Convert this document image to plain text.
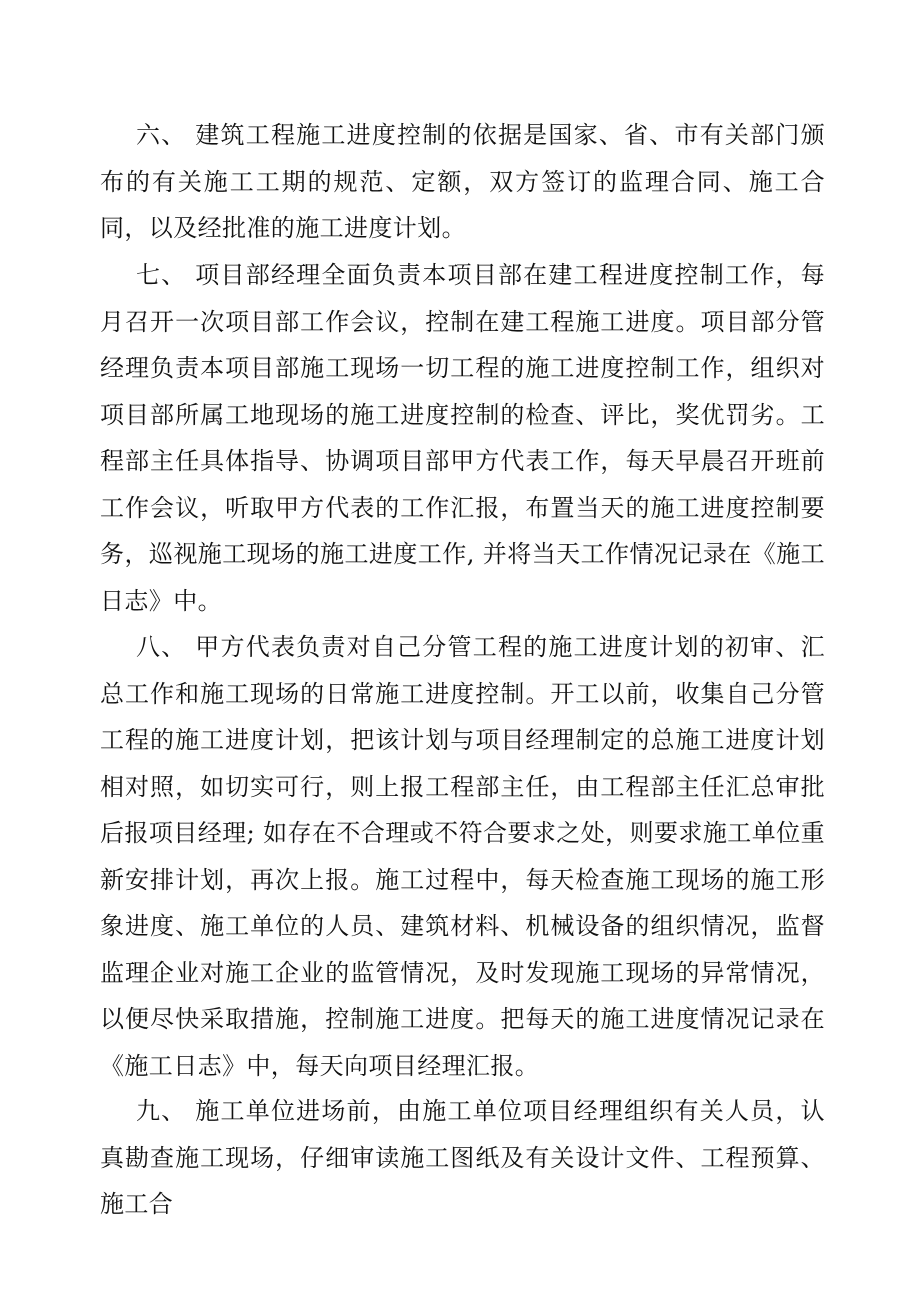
六、 建筑工程施工进度控制的依据是国家、省、市有关部门颁布的有关施工工期的规范、定额，双方签订的监理合同、施工合同，以及经批准的施工进度计划。

七、 项目部经理全面负责本项目部在建工程进度控制工作，每月召开一次项目部工作会议，控制在建工程施工进度。项目部分管经理负责本项目部施工现场一切工程的施工进度控制工作，组织对项目部所属工地现场的施工进度控制的检查、评比，奖优罚劣。工程部主任具体指导、协调项目部甲方代表工作，每天早晨召开班前工作会议，听取甲方代表的工作汇报，布置当天的施工进度控制要务，巡视施工现场的施工进度工作, 并将当天工作情况记录在《施工日志》中。

八、 甲方代表负责对自己分管工程的施工进度计划的初审、汇总工作和施工现场的日常施工进度控制。开工以前，收集自己分管工程的施工进度计划，把该计划与项目经理制定的总施工进度计划相对照，如切实可行，则上报工程部主任，由工程部主任汇总审批后报项目经理; 如存在不合理或不符合要求之处，则要求施工单位重新安排计划，再次上报。施工过程中，每天检查施工现场的施工形象进度、施工单位的人员、建筑材料、机械设备的组织情况，监督监理企业对施工企业的监管情况，及时发现施工现场的异常情况，以便尽快采取措施，控制施工进度。把每天的施工进度情况记录在《施工日志》中，每天向项目经理汇报。

九、 施工单位进场前，由施工单位项目经理组织有关人员，认真勘查施工现场，仔细审读施工图纸及有关设计文件、工程预算、施工合
